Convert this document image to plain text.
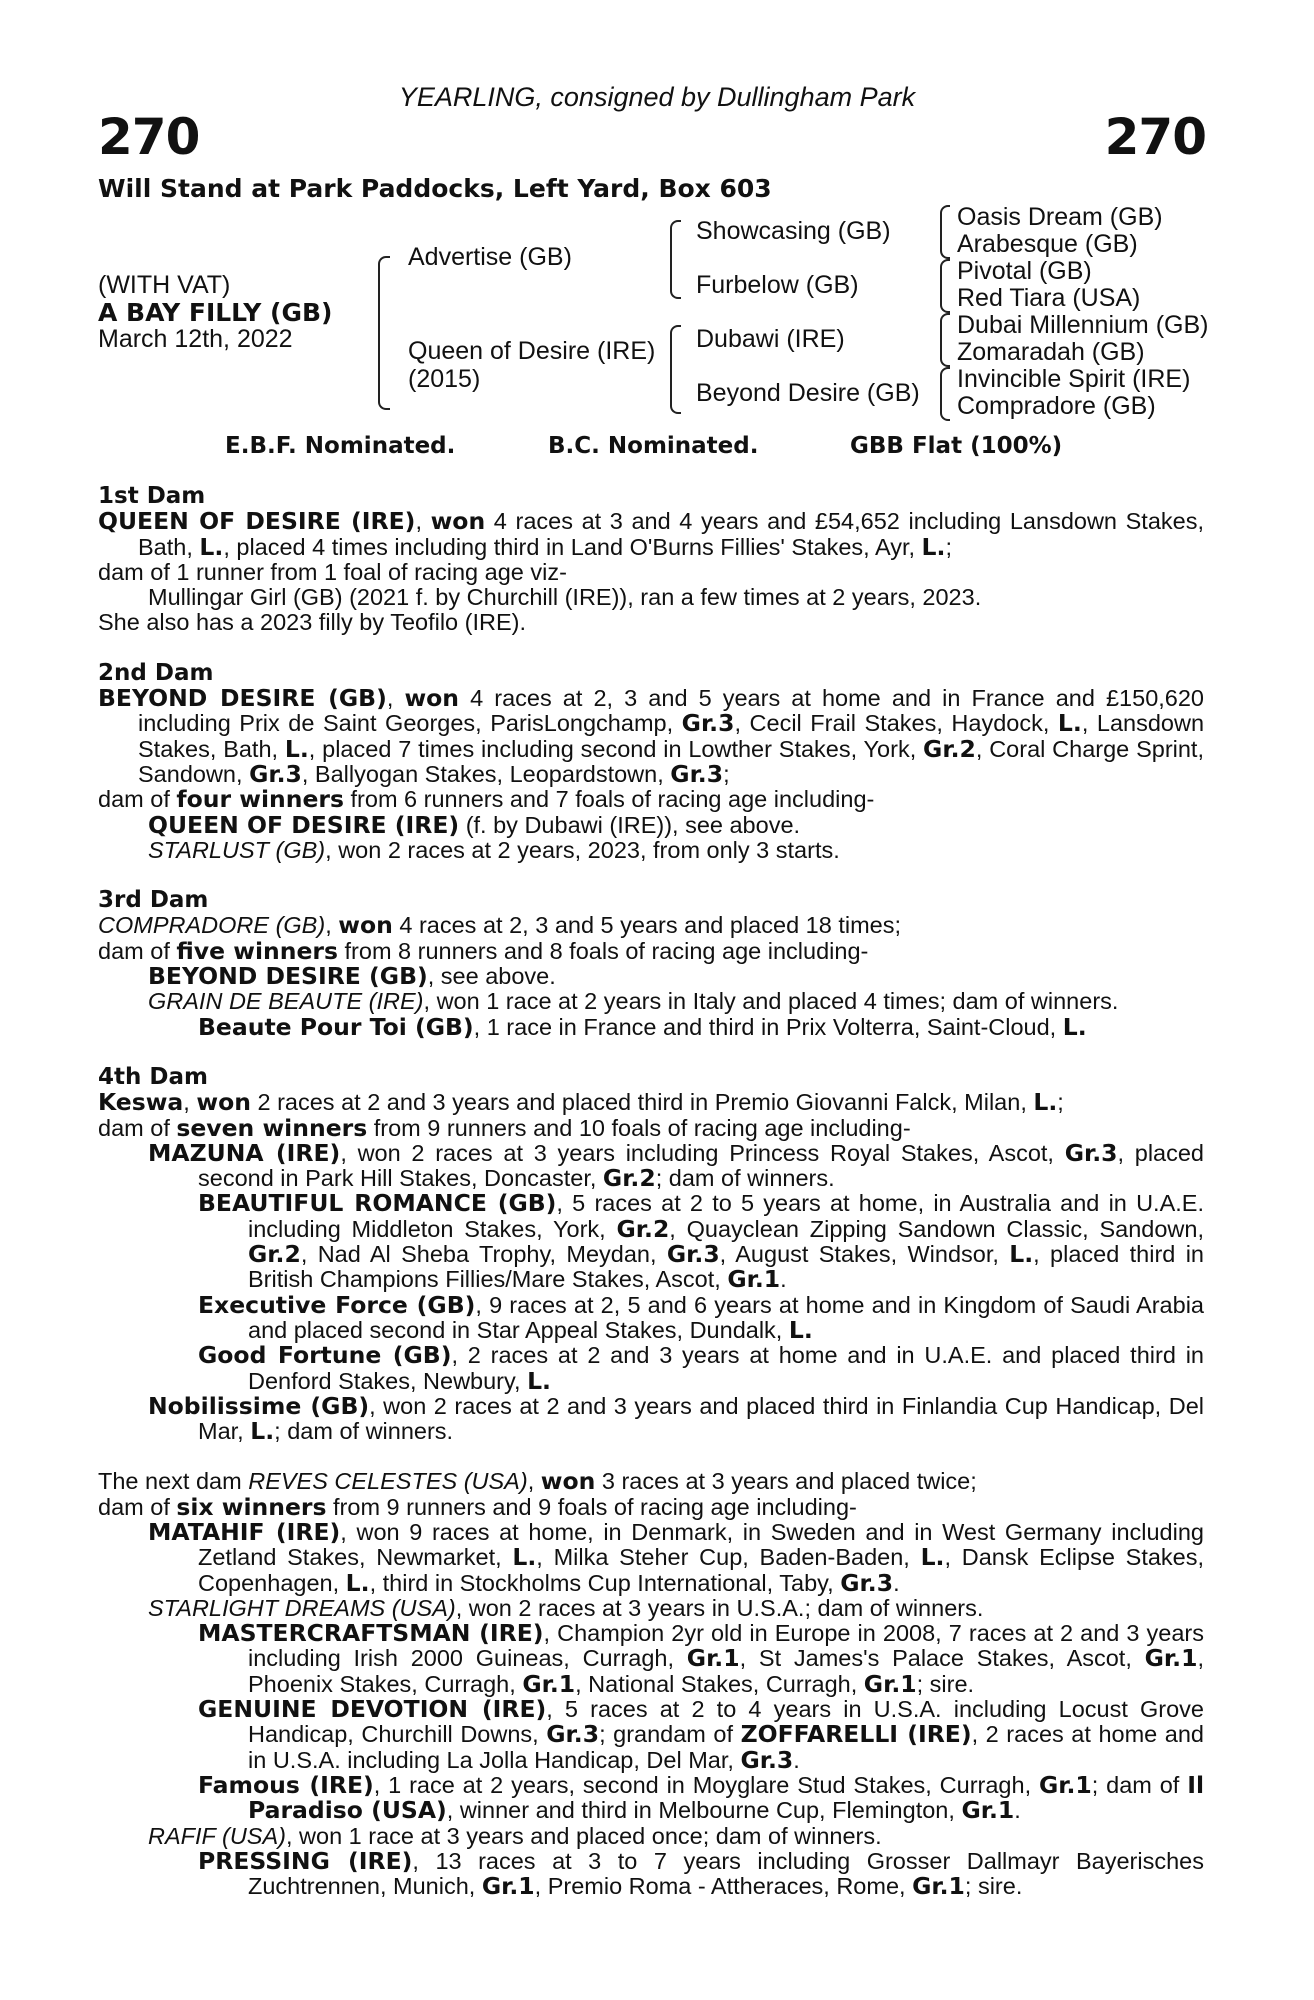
YEARLING, consigned by Dullingham Park
270	270
Will Stand at Park Paddocks, Left Yard, Box 603
(WITH VAT)
A BAY FILLY (GB)
March 12th, 2022
Advertise (GB)
Queen of Desire (IRE)
(2015)
Showcasing (GB)
Furbelow (GB)
Dubawi (IRE)
Beyond Desire (GB)
Oasis Dream (GB)
Arabesque (GB)
Pivotal (GB)
Red Tiara (USA)
Dubai Millennium (GB)
Zomaradah (GB)
Invincible Spirit (IRE)
Compradore (GB)
E.B.F. Nominated.	B.C. Nominated.	GBB Flat (100%)

1st Dam

QUEEN OF DESIRE (IRE), won 4 races at 3 and 4 years and £54,652 including Lansdown Stakes, Bath, L., placed 4 times including third in Land O'Burns Fillies' Stakes, Ayr, L.;

dam of 1 runner from 1 foal of racing age viz-

Mullingar Girl (GB) (2021 f. by Churchill (IRE)), ran a few times at 2 years, 2023.

She also has a 2023 filly by Teofilo (IRE).

2nd Dam

BEYOND DESIRE (GB), won 4 races at 2, 3 and 5 years at home and in France and £150,620 including Prix de Saint Georges, ParisLongchamp, Gr.3, Cecil Frail Stakes, Haydock, L., Lansdown Stakes, Bath, L., placed 7 times including second in Lowther Stakes, York, Gr.2, Coral Charge Sprint, Sandown, Gr.3, Ballyogan Stakes, Leopardstown, Gr.3;

dam of four winners from 6 runners and 7 foals of racing age including-

QUEEN OF DESIRE (IRE) (f. by Dubawi (IRE)), see above.

STARLUST (GB), won 2 races at 2 years, 2023, from only 3 starts.

3rd Dam

COMPRADORE (GB), won 4 races at 2, 3 and 5 years and placed 18 times;

dam of five winners from 8 runners and 8 foals of racing age including-

BEYOND DESIRE (GB), see above.

GRAIN DE BEAUTE (IRE), won 1 race at 2 years in Italy and placed 4 times; dam of winners.

Beaute Pour Toi (GB), 1 race in France and third in Prix Volterra, Saint-Cloud, L.

4th Dam

Keswa, won 2 races at 2 and 3 years and placed third in Premio Giovanni Falck, Milan, L.;

dam of seven winners from 9 runners and 10 foals of racing age including-

MAZUNA (IRE), won 2 races at 3 years including Princess Royal Stakes, Ascot, Gr.3, placed second in Park Hill Stakes, Doncaster, Gr.2; dam of winners.

BEAUTIFUL ROMANCE (GB), 5 races at 2 to 5 years at home, in Australia and in U.A.E. including Middleton Stakes, York, Gr.2, Quayclean Zipping Sandown Classic, Sandown, Gr.2, Nad Al Sheba Trophy, Meydan, Gr.3, August Stakes, Windsor, L., placed third in British Champions Fillies/Mare Stakes, Ascot, Gr.1.

Executive Force (GB), 9 races at 2, 5 and 6 years at home and in Kingdom of Saudi Arabia and placed second in Star Appeal Stakes, Dundalk, L.

Good Fortune (GB), 2 races at 2 and 3 years at home and in U.A.E. and placed third in Denford Stakes, Newbury, L.

Nobilissime (GB), won 2 races at 2 and 3 years and placed third in Finlandia Cup Handicap, Del Mar, L.; dam of winners.

The next dam REVES CELESTES (USA), won 3 races at 3 years and placed twice;

dam of six winners from 9 runners and 9 foals of racing age including-

MATAHIF (IRE), won 9 races at home, in Denmark, in Sweden and in West Germany including Zetland Stakes, Newmarket, L., Milka Steher Cup, Baden-Baden, L., Dansk Eclipse Stakes, Copenhagen, L., third in Stockholms Cup International, Taby, Gr.3.

STARLIGHT DREAMS (USA), won 2 races at 3 years in U.S.A.; dam of winners.

MASTERCRAFTSMAN (IRE), Champion 2yr old in Europe in 2008, 7 races at 2 and 3 years including Irish 2000 Guineas, Curragh, Gr.1, St James's Palace Stakes, Ascot, Gr.1, Phoenix Stakes, Curragh, Gr.1, National Stakes, Curragh, Gr.1; sire.

GENUINE DEVOTION (IRE), 5 races at 2 to 4 years in U.S.A. including Locust Grove Handicap, Churchill Downs, Gr.3; grandam of ZOFFARELLI (IRE), 2 races at home and in U.S.A. including La Jolla Handicap, Del Mar, Gr.3.

Famous (IRE), 1 race at 2 years, second in Moyglare Stud Stakes, Curragh, Gr.1; dam of Il Paradiso (USA), winner and third in Melbourne Cup, Flemington, Gr.1.

RAFIF (USA), won 1 race at 3 years and placed once; dam of winners.

PRESSING (IRE), 13 races at 3 to 7 years including Grosser Dallmayr Bayerisches Zuchtrennen, Munich, Gr.1, Premio Roma - Attheraces, Rome, Gr.1; sire.
